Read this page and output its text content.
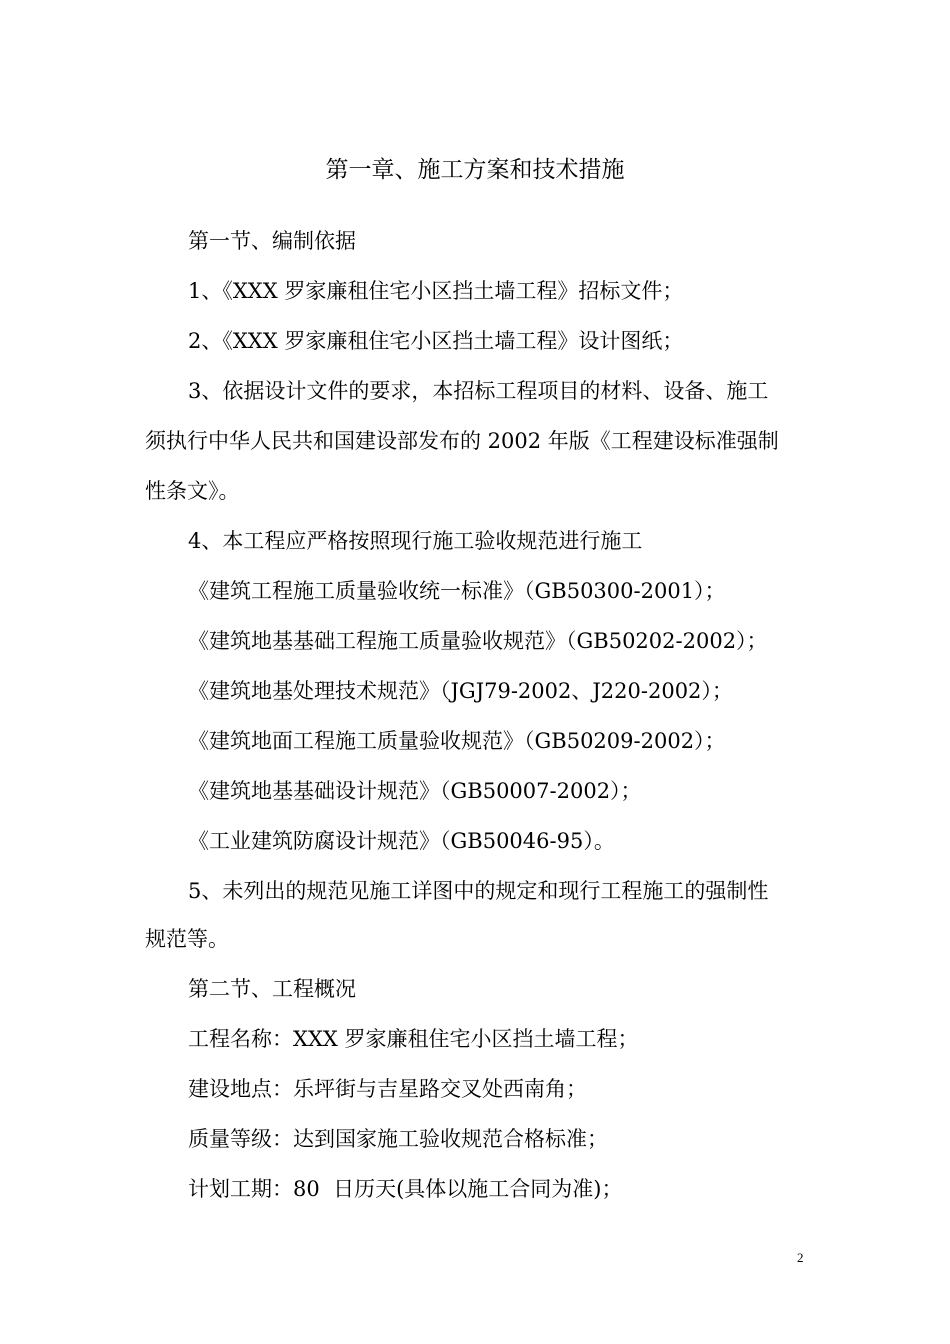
第一章、施工方案和技术措施

第一节、编制依据

1、《XXX 罗家廉租住宅小区挡土墙工程》招标文件；

2、《XXX 罗家廉租住宅小区挡土墙工程》设计图纸；

3、依据设计文件的要求，本招标工程项目的材料、设备、施工

须执行中华人民共和国建设部发布的 2002 年版《工程建设标准强制

性条文》。

4、本工程应严格按照现行施工验收规范进行施工

《建筑工程施工质量验收统一标准》（GB50300-2001）；

《建筑地基基础工程施工质量验收规范》（GB50202-2002）；

《建筑地基处理技术规范》（JGJ79-2002、J220-2002）；

《建筑地面工程施工质量验收规范》（GB50209-2002）；

《建筑地基基础设计规范》（GB50007-2002）；

《工业建筑防腐设计规范》（GB50046-95）。

5、未列出的规范见施工详图中的规定和现行工程施工的强制性

规范等。

第二节、工程概况

工程名称：XXX 罗家廉租住宅小区挡土墙工程；

建设地点：乐坪街与吉星路交叉处西南角；

质量等级：达到国家施工验收规范合格标准；

计划工期：80  日历天(具体以施工合同为准)；

2
